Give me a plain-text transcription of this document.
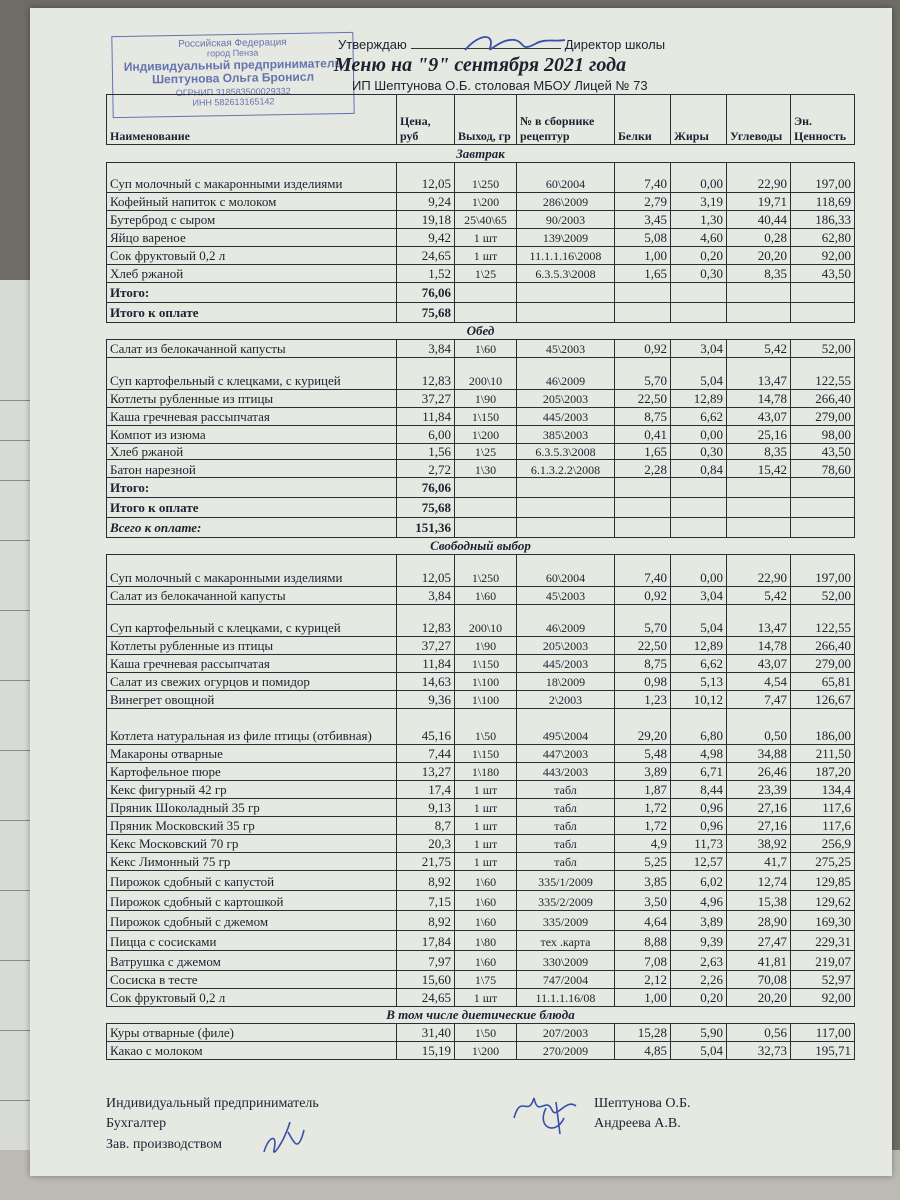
Российская Федерация
город Пенза
Индивидуальный предприниматель
Шептунова Ольга Бронисл
ОГРНИП 318583500029332
ИНН 582613165142
Утверждаю	Директор школы
Меню на "9" сентября 2021 года
ИП Шептунова О.Б. столовая МБОУ Лицей № 73
Наименование	Цена, руб	Выход, гр	№ в сборнике рецептур	Белки	Жиры	Углеводы	Эн. Ценность
Завтрак							
Суп молочный с макаронными изделиями	12,05	1\250	60\2004	7,40	0,00	22,90	197,00
Кофейный напиток с молоком	9,24	1\200	286\2009	2,79	3,19	19,71	118,69
Бутерброд с сыром	19,18	25\40\65	90/2003	3,45	1,30	40,44	186,33
Яйцо вареное	9,42	1 шт	139\2009	5,08	4,60	0,28	62,80
Сок фруктовый 0,2 л	24,65	1 шт	11.1.1.16\2008	1,00	0,20	20,20	92,00
Хлеб ржаной	1,52	1\25	6.3.5.3\2008	1,65	0,30	8,35	43,50
Итого:	76,06						
Итого к оплате	75,68						
Обед							
Салат из белокачанной капусты	3,84	1\60	45\2003	0,92	3,04	5,42	52,00
Суп картофельный с клецками, с курицей	12,83	200\10	46\2009	5,70	5,04	13,47	122,55
Котлеты рубленные из птицы	37,27	1\90	205\2003	22,50	12,89	14,78	266,40
Каша гречневая рассыпчатая	11,84	1\150	445/2003	8,75	6,62	43,07	279,00
Компот из изюма	6,00	1\200	385\2003	0,41	0,00	25,16	98,00
Хлеб ржаной	1,56	1\25	6.3.5.3\2008	1,65	0,30	8,35	43,50
Батон нарезной	2,72	1\30	6.1.3.2.2\2008	2,28	0,84	15,42	78,60
Итого:	76,06						
Итого к оплате	75,68						
Всего к оплате:	151,36						
Свободный выбор							
Суп молочный с макаронными изделиями	12,05	1\250	60\2004	7,40	0,00	22,90	197,00
Салат из белокачанной капусты	3,84	1\60	45\2003	0,92	3,04	5,42	52,00
Суп картофельный с клецками, с курицей	12,83	200\10	46\2009	5,70	5,04	13,47	122,55
Котлеты рубленные из птицы	37,27	1\90	205\2003	22,50	12,89	14,78	266,40
Каша гречневая рассыпчатая	11,84	1\150	445/2003	8,75	6,62	43,07	279,00
Салат из свежих огурцов и помидор	14,63	1\100	18\2009	0,98	5,13	4,54	65,81
Винегрет овощной	9,36	1\100	2\2003	1,23	10,12	7,47	126,67
Котлета натуральная из филе птицы (отбивная)	45,16	1\50	495\2004	29,20	6,80	0,50	186,00
Макароны отварные	7,44	1\150	447\2003	5,48	4,98	34,88	211,50
Картофельное пюре	13,27	1\180	443/2003	3,89	6,71	26,46	187,20
Кекс фигурный 42 гр	17,4	1 шт	табл	1,87	8,44	23,39	134,4
Пряник Шоколадный 35 гр	9,13	1 шт	табл	1,72	0,96	27,16	117,6
Пряник Московский 35 гр	8,7	1 шт	табл	1,72	0,96	27,16	117,6
Кекс Московский 70 гр	20,3	1 шт	табл	4,9	11,73	38,92	256,9
Кекс Лимонный 75 гр	21,75	1 шт	табл	5,25	12,57	41,7	275,25
Пирожок сдобный с капустой	8,92	1\60	335/1/2009	3,85	6,02	12,74	129,85
Пирожок сдобный с картошкой	7,15	1\60	335/2/2009	3,50	4,96	15,38	129,62
Пирожок сдобный с джемом	8,92	1\60	335/2009	4,64	3,89	28,90	169,30
Пицца с сосисками	17,84	1\80	тех .карта	8,88	9,39	27,47	229,31
Ватрушка с джемом	7,97	1\60	330\2009	7,08	2,63	41,81	219,07
Сосиска в тесте	15,60	1\75	747/2004	2,12	2,26	70,08	52,97
Сок фруктовый 0,2 л	24,65	1 шт	11.1.1.16/08	1,00	0,20	20,20	92,00
В том числе диетические блюда							
Куры отварные (филе)	31,40	1\50	207/2003	15,28	5,90	0,56	117,00
Какао с молоком	15,19	1\200	270/2009	4,85	5,04	32,73	195,71
Индивидуальный предприниматель
Бухгалтер
Зав. производством
Шептунова О.Б.
Андреева А.В.
